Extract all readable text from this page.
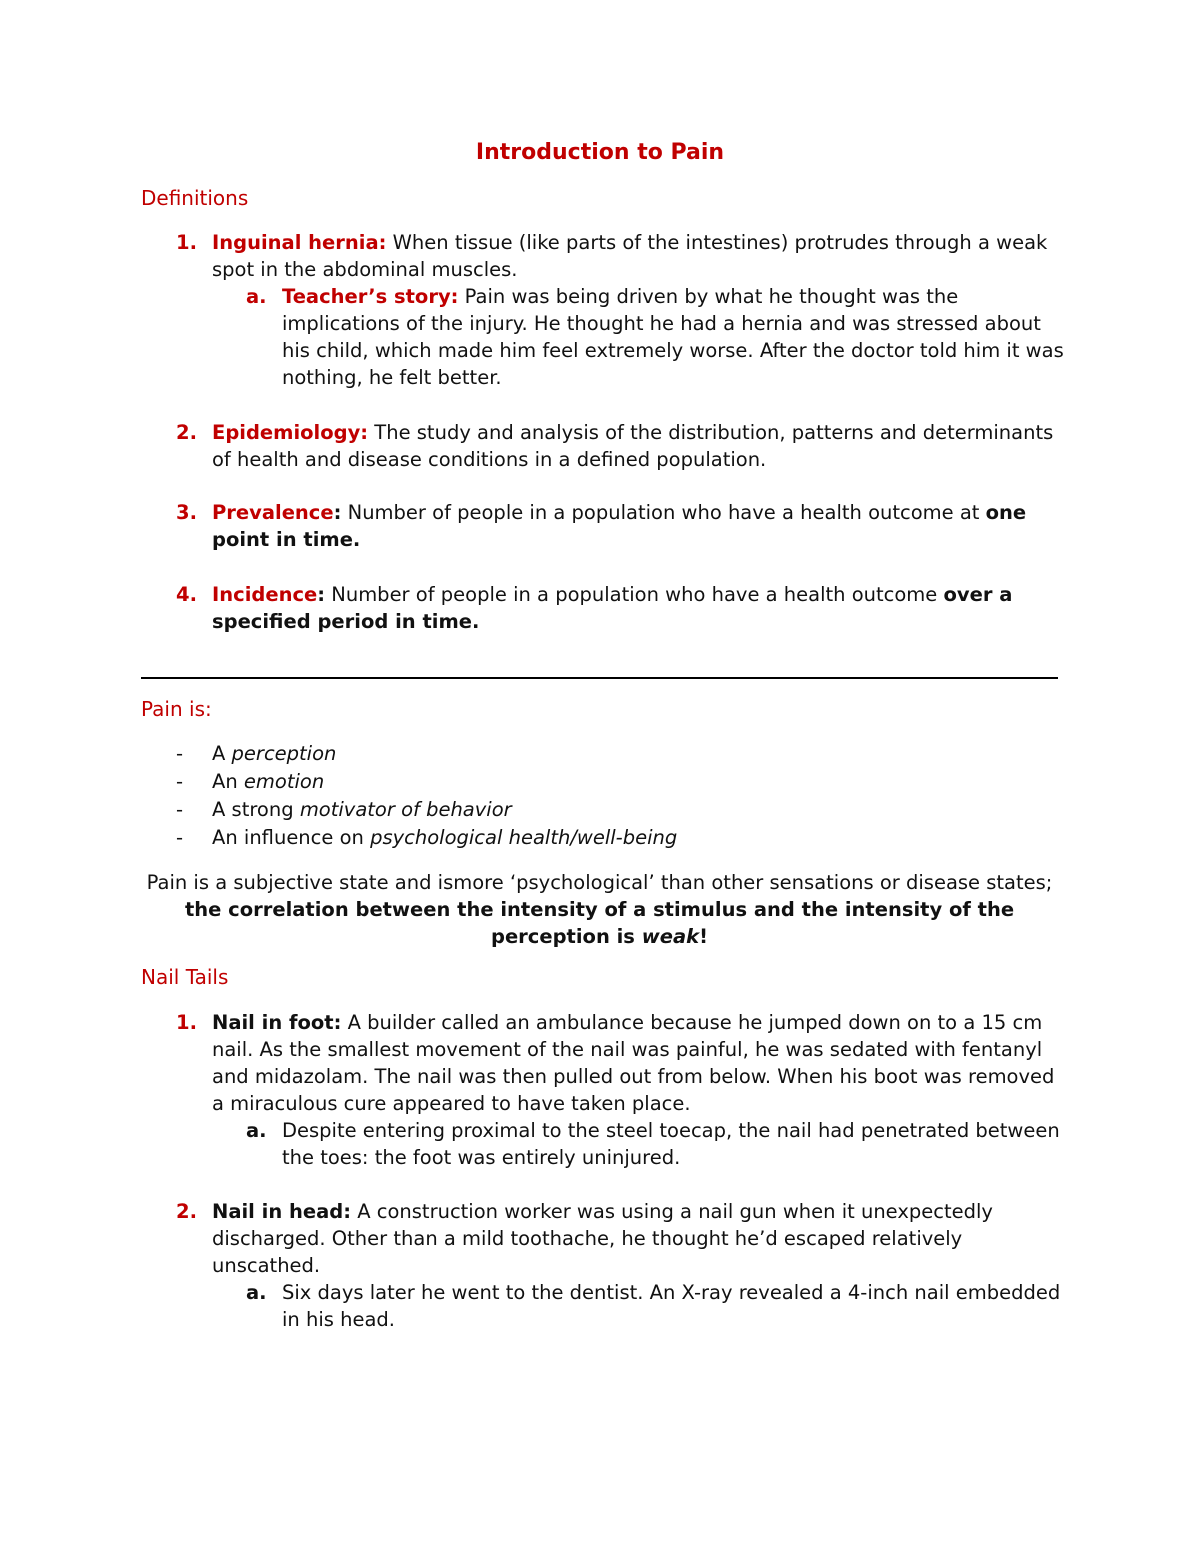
Introduction to Pain
Definitions
1. Inguinal hernia: When tissue (like parts of the intestines) protrudes through a weak spot in the abdominal muscles.
a. Teacher’s story: Pain was being driven by what he thought was the implications of the injury. He thought he had a hernia and was stressed about his child, which made him feel extremely worse. After the doctor told him it was nothing, he felt better.
2. Epidemiology: The study and analysis of the distribution, patterns and determinants of health and disease conditions in a defined population.
3. Prevalence: Number of people in a population who have a health outcome at one point in time.
4. Incidence: Number of people in a population who have a health outcome over a specified period in time.
Pain is:
- A perception
- An emotion
- A strong motivator of behavior
- An influence on psychological health/well-being
Pain is a subjective state and ismore ‘psychological’ than other sensations or disease states; the correlation between the intensity of a stimulus and the intensity of the perception is weak!
Nail Tails
1. Nail in foot: A builder called an ambulance because he jumped down on to a 15 cm nail. As the smallest movement of the nail was painful, he was sedated with fentanyl and midazolam. The nail was then pulled out from below. When his boot was removed a miraculous cure appeared to have taken place.
a. Despite entering proximal to the steel toecap, the nail had penetrated between the toes: the foot was entirely uninjured.
2. Nail in head: A construction worker was using a nail gun when it unexpectedly discharged. Other than a mild toothache, he thought he’d escaped relatively unscathed.
a. Six days later he went to the dentist. An X-ray revealed a 4-inch nail embedded in his head.
